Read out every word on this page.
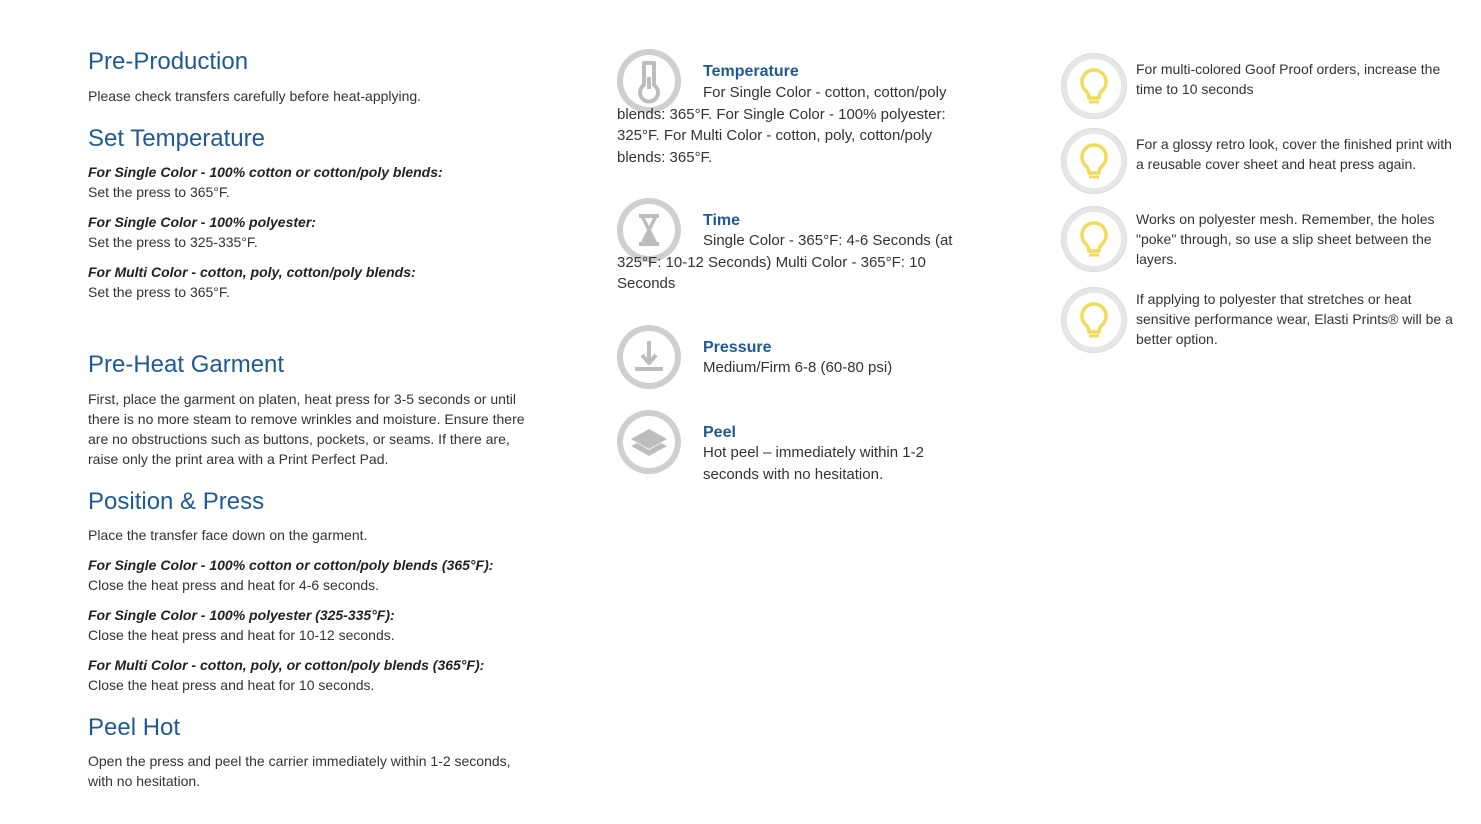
Pre-Production

Please check transfers carefully before heat-applying.

Set Temperature
For Single Color - 100% cotton or cotton/poly blends:
Set the press to 365°F.
For Single Color - 100% polyester:
Set the press to 325-335°F.
For Multi Color - cotton, poly, cotton/poly blends:
Set the press to 365°F.
Pre-Heat Garment

First, place the garment on platen, heat press for 3-5 seconds or until there is no more steam to remove wrinkles and moisture. Ensure there are no obstructions such as buttons, pockets, or seams. If there are, raise only the print area with a Print Perfect Pad.

Position & Press

Place the transfer face down on the garment.

For Single Color - 100% cotton or cotton/poly blends (365°F):
Close the heat press and heat for 4-6 seconds.
For Single Color - 100% polyester (325-335°F):
Close the heat press and heat for 10-12 seconds.
For Multi Color - cotton, poly, or cotton/poly blends (365°F):
Close the heat press and heat for 10 seconds.
Peel Hot

Open the press and peel the carrier immediately within 1-2 seconds, with no hesitation.

Temperature

For Single Color - cotton, cotton/poly blends: 365°F. For Single Color - 100% polyester: 325°F. For Multi Color - cotton, poly, cotton/poly blends: 365°F.

Time

Single Color - 365°F: 4-6 Seconds (at 325°F: 10-12 Seconds) Multi Color - 365°F: 10 Seconds

Pressure

Medium/Firm 6-8 (60-80 psi)

Peel

Hot peel – immediately within 1-2 seconds with no hesitation.

For multi-colored Goof Proof orders, increase the time to 10 seconds

For a glossy retro look, cover the finished print with a reusable cover sheet and heat press again.

Works on polyester mesh. Remember, the holes "poke" through, so use a slip sheet between the layers.

If applying to polyester that stretches or heat sensitive performance wear, Elasti Prints® will be a better option.
